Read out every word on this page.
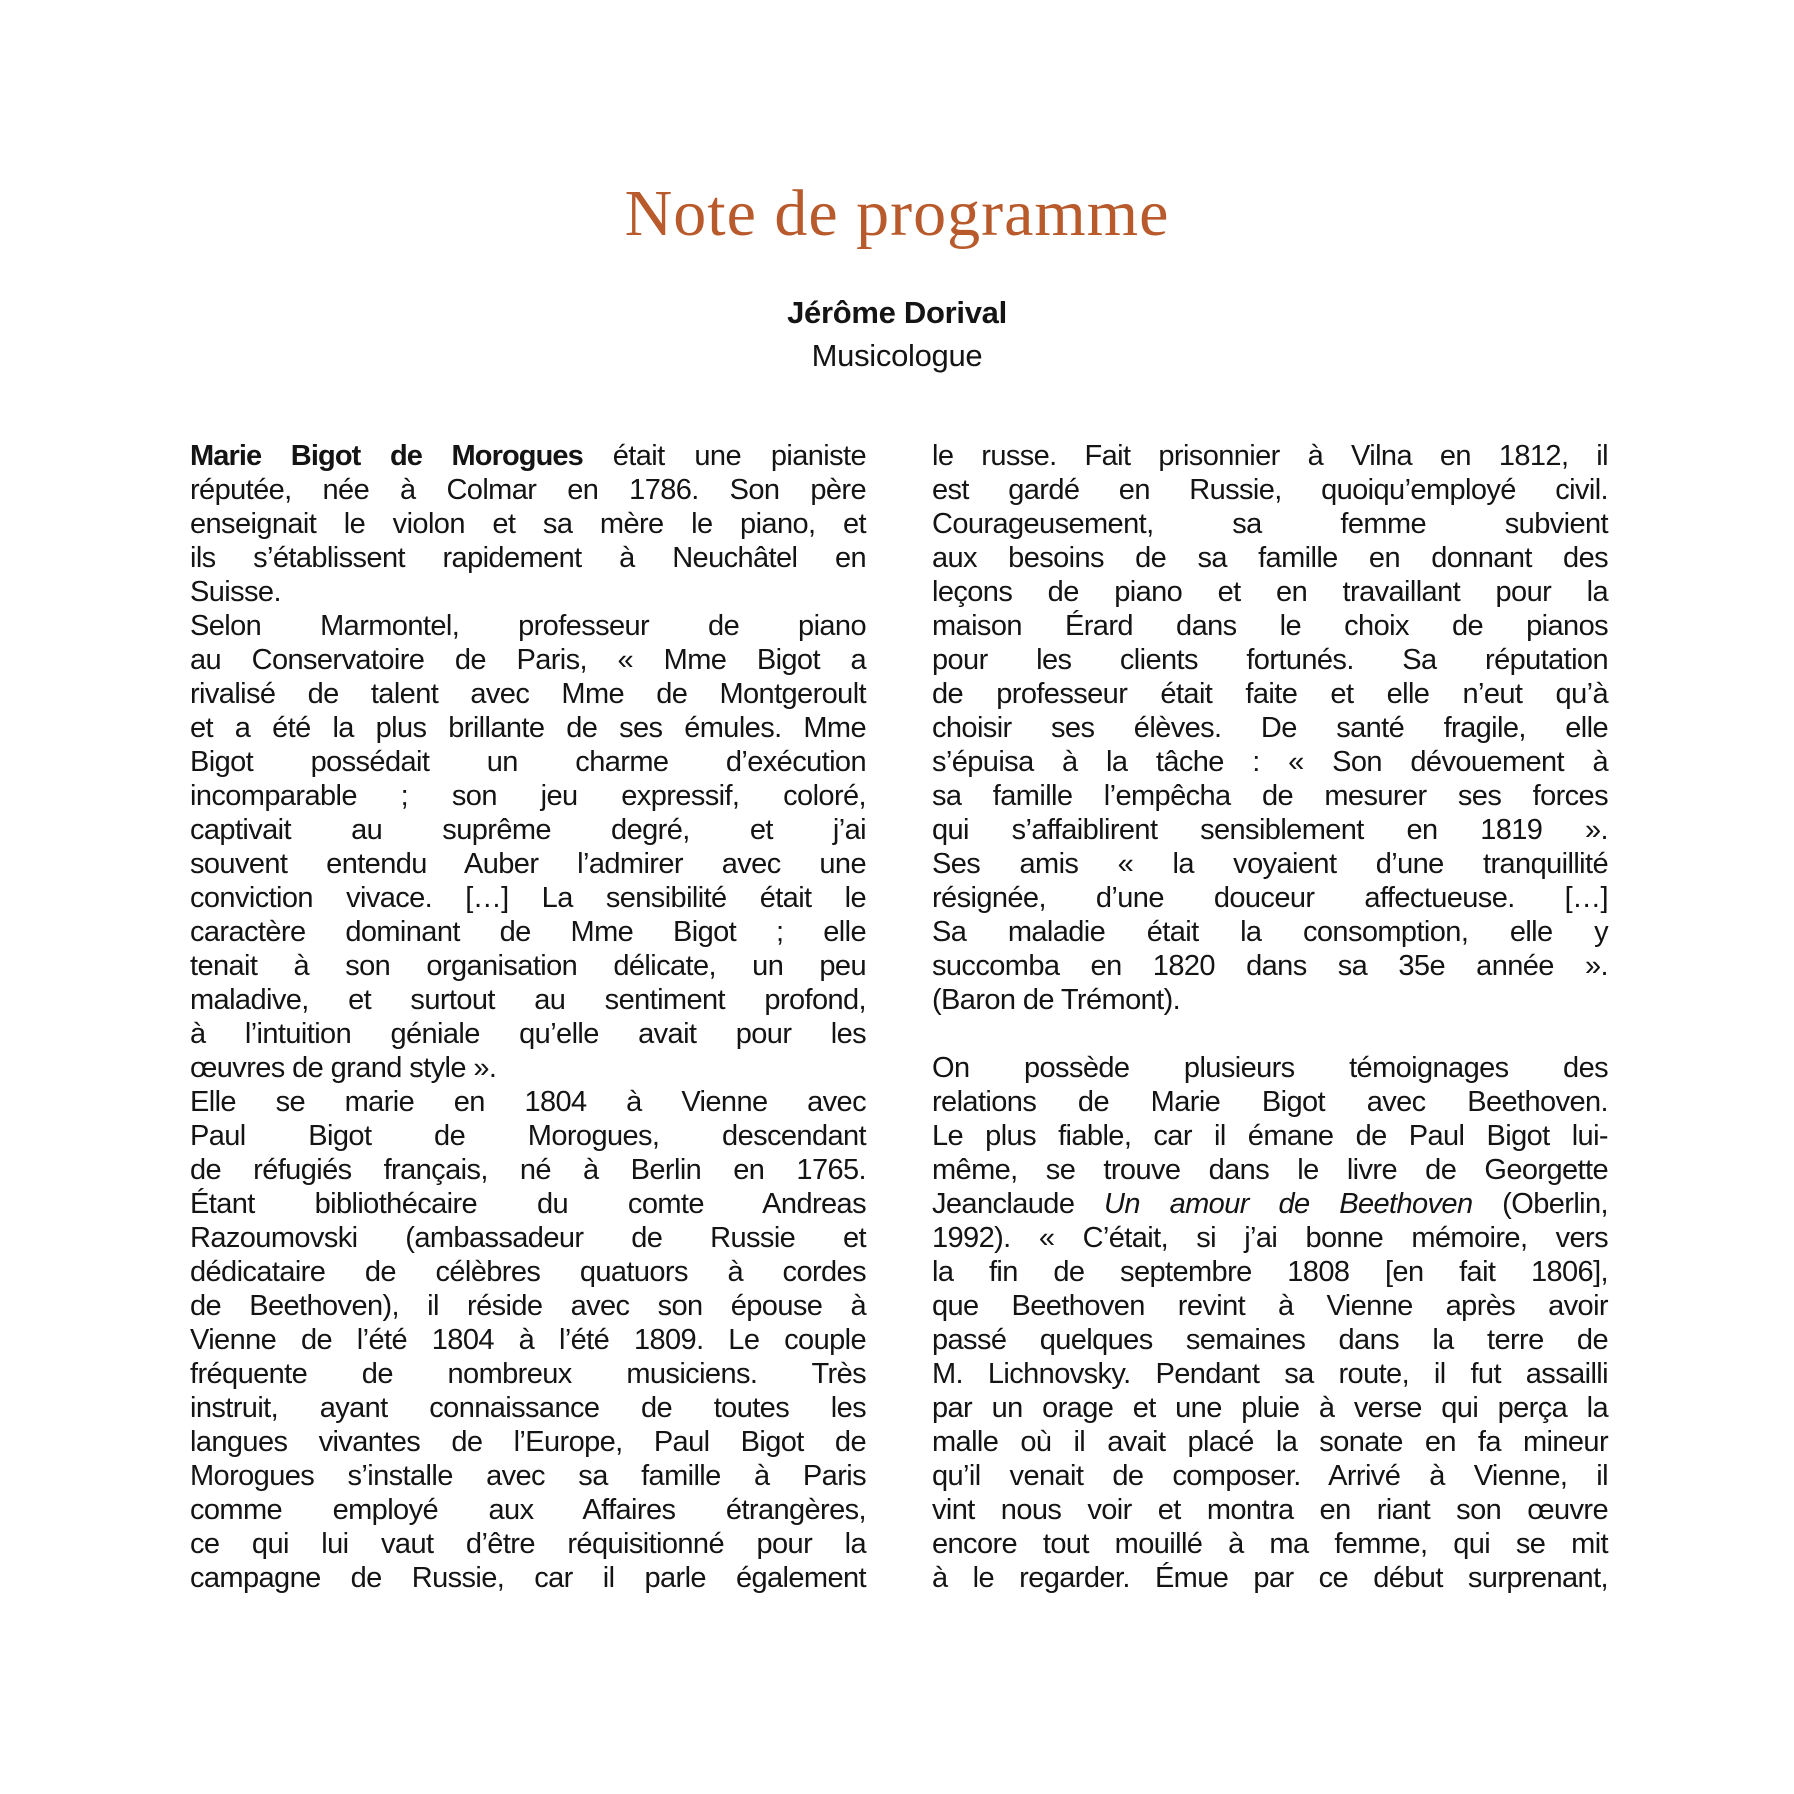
Note de programme
Jérôme Dorival
Musicologue
Marie Bigot de Morogues était une pianiste
réputée, née à Colmar en 1786. Son père
enseignait le violon et sa mère le piano, et
ils s’établissent rapidement à Neuchâtel en
Suisse.
Selon Marmontel, professeur de piano
au Conservatoire de Paris, « Mme Bigot a
rivalisé de talent avec Mme de Montgeroult
et a été la plus brillante de ses émules. Mme
Bigot possédait un charme d’exécution
incomparable ; son jeu expressif, coloré,
captivait au suprême degré, et j’ai
souvent entendu Auber l’admirer avec une
conviction vivace. […] La sensibilité était le
caractère dominant de Mme Bigot ; elle
tenait à son organisation délicate, un peu
maladive, et surtout au sentiment profond,
à l’intuition géniale qu’elle avait pour les
œuvres de grand style ».
Elle se marie en 1804 à Vienne avec
Paul Bigot de Morogues, descendant
de réfugiés français, né à Berlin en 1765.
Étant bibliothécaire du comte Andreas
Razoumovski (ambassadeur de Russie et
dédicataire de célèbres quatuors à cordes
de Beethoven), il réside avec son épouse à
Vienne de l’été 1804 à l’été 1809. Le couple
fréquente de nombreux musiciens. Très
instruit, ayant connaissance de toutes les
langues vivantes de l’Europe, Paul Bigot de
Morogues s’installe avec sa famille à Paris
comme employé aux Affaires étrangères,
ce qui lui vaut d’être réquisitionné pour la
campagne de Russie, car il parle également
le russe. Fait prisonnier à Vilna en 1812, il
est gardé en Russie, quoiqu’employé civil.
Courageusement, sa femme subvient
aux besoins de sa famille en donnant des
leçons de piano et en travaillant pour la
maison Érard dans le choix de pianos
pour les clients fortunés. Sa réputation
de professeur était faite et elle n’eut qu’à
choisir ses élèves. De santé fragile, elle
s’épuisa à la tâche : « Son dévouement à
sa famille l’empêcha de mesurer ses forces
qui s’affaiblirent sensiblement en 1819 ».
Ses amis « la voyaient d’une tranquillité
résignée, d’une douceur affectueuse. […]
Sa maladie était la consomption, elle y
succomba en 1820 dans sa 35e année ».
(Baron de Trémont).
On possède plusieurs témoignages des
relations de Marie Bigot avec Beethoven.
Le plus fiable, car il émane de Paul Bigot lui-
même, se trouve dans le livre de Georgette
Jeanclaude Un amour de Beethoven (Oberlin,
1992). « C’était, si j’ai bonne mémoire, vers
la fin de septembre 1808 [en fait 1806],
que Beethoven revint à Vienne après avoir
passé quelques semaines dans la terre de
M. Lichnovsky. Pendant sa route, il fut assailli
par un orage et une pluie à verse qui perça la
malle où il avait placé la sonate en fa mineur
qu’il venait de composer. Arrivé à Vienne, il
vint nous voir et montra en riant son œuvre
encore tout mouillé à ma femme, qui se mit
à le regarder. Émue par ce début surprenant,
